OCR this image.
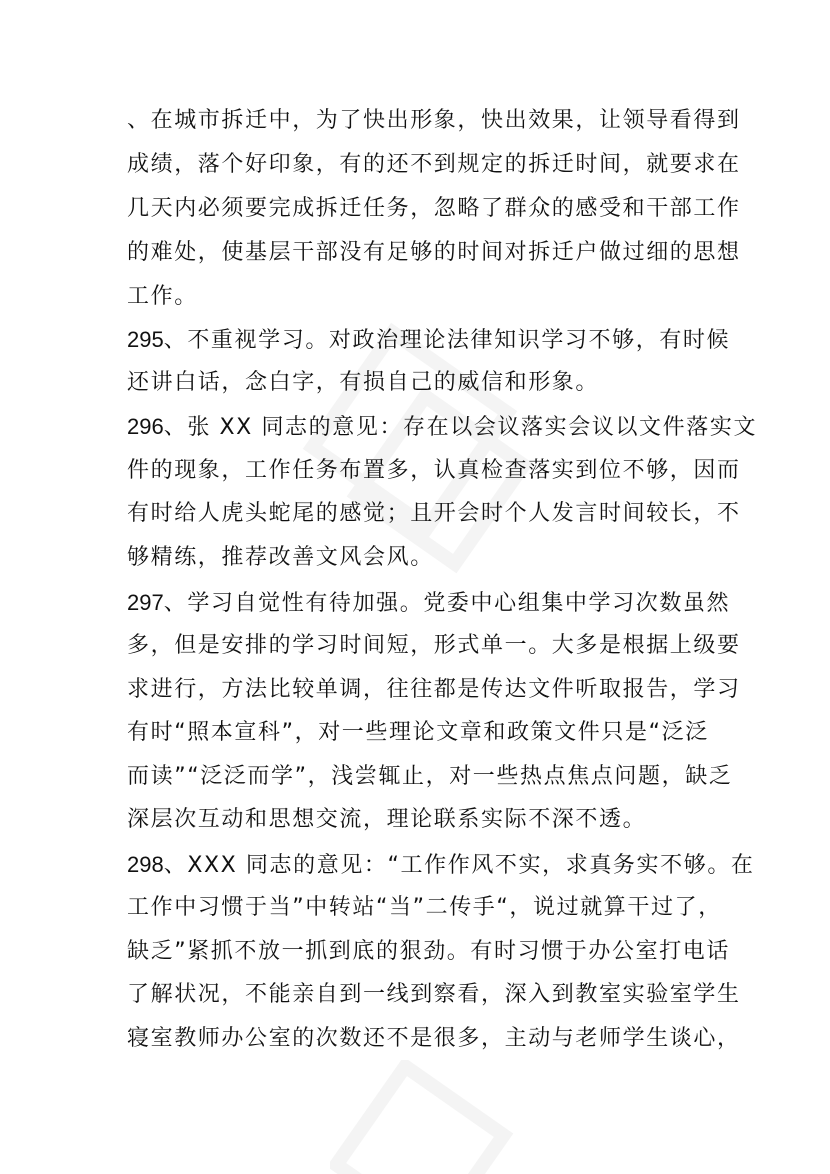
、在城市拆迁中，为了快出形象，快出效果，让领导看得到
成绩，落个好印象，有的还不到规定的拆迁时间，就要求在
几天内必须要完成拆迁任务，忽略了群众的感受和干部工作
的难处，使基层干部没有足够的时间对拆迁户做过细的思想
工作。
295、不重视学习。对政治理论法律知识学习不够，有时候
还讲白话，念白字，有损自己的威信和形象。
296、张 XX 同志的意见：存在以会议落实会议以文件落实文
件的现象，工作任务布置多，认真检查落实到位不够，因而
有时给人虎头蛇尾的感觉；且开会时个人发言时间较长，不
够精练，推荐改善文风会风。
297、学习自觉性有待加强。党委中心组集中学习次数虽然
多，但是安排的学习时间短，形式单一。大多是根据上级要
求进行，方法比较单调，往往都是传达文件听取报告，学习
有时“照本宣科”，对一些理论文章和政策文件只是“泛泛
而读”“泛泛而学”，浅尝辄止，对一些热点焦点问题，缺乏
深层次互动和思想交流，理论联系实际不深不透。
298、XXX 同志的意见：“工作作风不实，求真务实不够。在
工作中习惯于当”中转站“当”二传手“，说过就算干过了，
缺乏”紧抓不放一抓到底的狠劲。有时习惯于办公室打电话
了解状况，不能亲自到一线到察看，深入到教室实验室学生
寝室教师办公室的次数还不是很多，主动与老师学生谈心，
